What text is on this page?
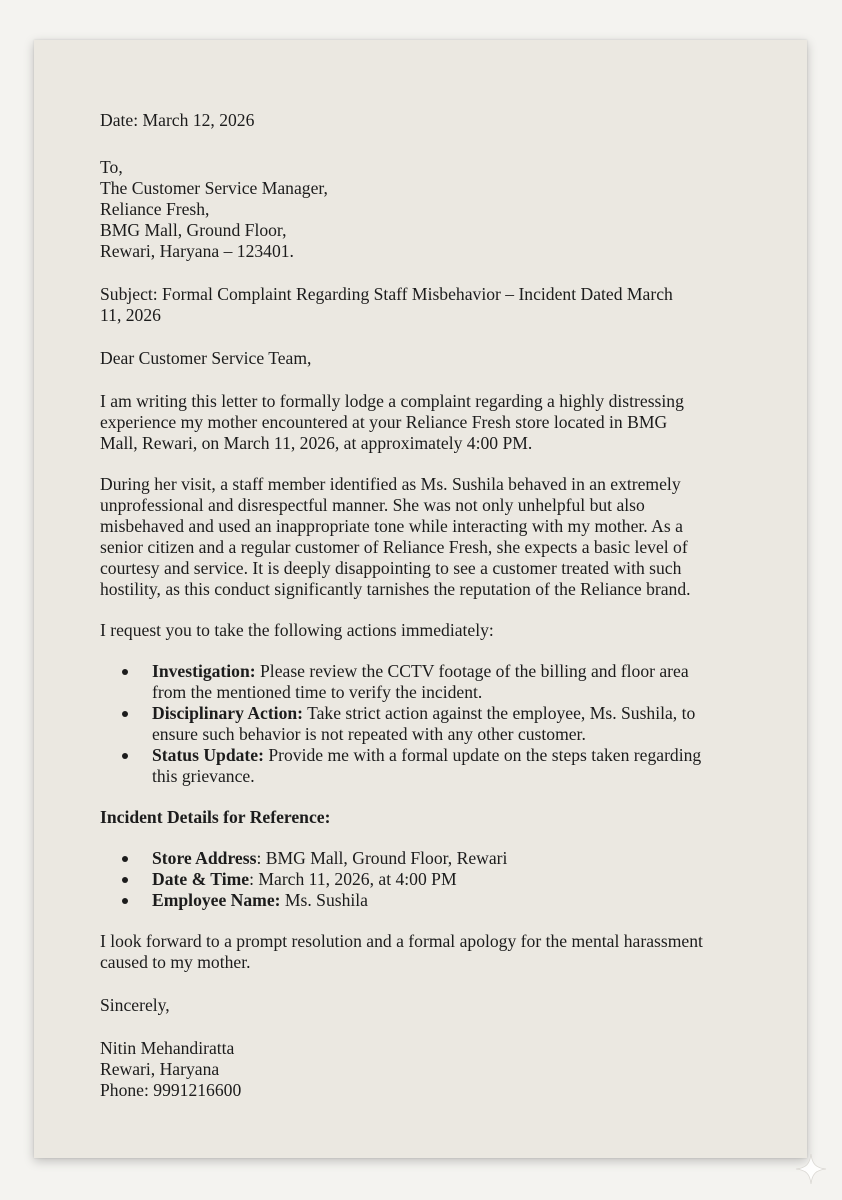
Date: March 12, 2026

To,
The Customer Service Manager,
Reliance Fresh,
BMG Mall, Ground Floor,
Rewari, Haryana – 123401.
Subject: Formal Complaint Regarding Staff Misbehavior – Incident Dated March
11, 2026

Dear Customer Service Team,

I am writing this letter to formally lodge a complaint regarding a highly distressing
experience my mother encountered at your Reliance Fresh store located in BMG
Mall, Rewari, on March 11, 2026, at approximately 4:00 PM.
During her visit, a staff member identified as Ms. Sushila behaved in an extremely
unprofessional and disrespectful manner. She was not only unhelpful but also
misbehaved and used an inappropriate tone while interacting with my mother. As a
senior citizen and a regular customer of Reliance Fresh, she expects a basic level of
courtesy and service. It is deeply disappointing to see a customer treated with such
hostility, as this conduct significantly tarnishes the reputation of the Reliance brand.

I request you to take the following actions immediately:

Investigation: Please review the CCTV footage of the billing and floor area
from the mentioned time to verify the incident.
Disciplinary Action: Take strict action against the employee, Ms. Sushila, to
ensure such behavior is not repeated with any other customer.
Status Update: Provide me with a formal update on the steps taken regarding
this grievance.

Incident Details for Reference:

Store Address: BMG Mall, Ground Floor, Rewari
Date & Time: March 11, 2026, at 4:00 PM
Employee Name: Ms. Sushila
I look forward to a prompt resolution and a formal apology for the mental harassment
caused to my mother.

Sincerely,

Nitin Mehandiratta
Rewari, Haryana
Phone: 9991216600
